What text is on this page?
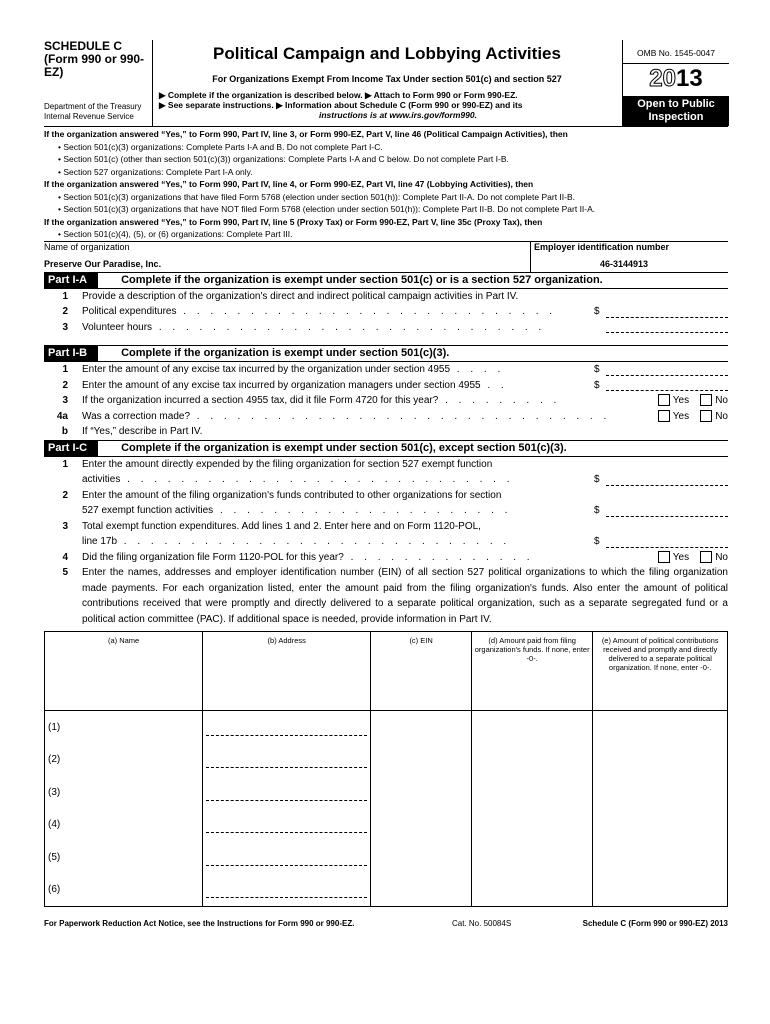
SCHEDULE C
(Form 990 or 990-EZ)
Department of the Treasury
Internal Revenue Service
Political Campaign and Lobbying Activities
For Organizations Exempt From Income Tax Under section 501(c) and section 527
▶ Complete if the organization is described below. ▶ Attach to Form 990 or Form 990-EZ.
▶ See separate instructions. ▶ Information about Schedule C (Form 990 or 990-EZ) and its
instructions is at www.irs.gov/form990.
OMB No. 1545-0047
2013
Open to Public
Inspection
If the organization answered “Yes,” to Form 990, Part IV, line 3, or Form 990-EZ, Part V, line 46 (Political Campaign Activities), then
• Section 501(c)(3) organizations: Complete Parts I-A and B. Do not complete Part I-C.
• Section 501(c) (other than section 501(c)(3)) organizations: Complete Parts I-A and C below. Do not complete Part I-B.
• Section 527 organizations: Complete Part I-A only.
If the organization answered “Yes,” to Form 990, Part IV, line 4, or Form 990-EZ, Part VI, line 47 (Lobbying Activities), then
• Section 501(c)(3) organizations that have filed Form 5768 (election under section 501(h)): Complete Part II-A. Do not complete Part II-B.
• Section 501(c)(3) organizations that have NOT filed Form 5768 (election under section 501(h)): Complete Part II-B. Do not complete Part II-A.
If the organization answered “Yes,” to Form 990, Part IV, line 5 (Proxy Tax) or Form 990-EZ, Part V, line 35c (Proxy Tax), then
• Section 501(c)(4), (5), or (6) organizations: Complete Part III.
Name of organization
Preserve Our Paradise, Inc.
Employer identification number
46-3144913
Part I-A	Complete if the organization is exempt under section 501(c) or is a section 527 organization.
1 Provide a description of the organization's direct and indirect political campaign activities in Part IV.
2 Political expenditures . . . . . . . . . . . . . . . . . . . . . . . . . . . .	$
3 Volunteer hours . . . . . . . . . . . . . . . . . . . . . . . . . . . . .
Part I-B	Complete if the organization is exempt under section 501(c)(3).
1 Enter the amount of any excise tax incurred by the organization under section 4955 . . . .	$
2 Enter the amount of any excise tax incurred by organization managers under section 4955 . .	$
3 If the organization incurred a section 4955 tax, did it file Form 4720 for this year? . . . . . . . . .	Yes	No
4a Was a correction made? . . . . . . . . . . . . . . . . . . . . . . . . . . . . . . .	Yes	No
b If “Yes,” describe in Part IV.
Part I-C	Complete if the organization is exempt under section 501(c), except section 501(c)(3).
1 Enter the amount directly expended by the filing organization for section 527 exempt function
activities . . . . . . . . . . . . . . . . . . . . . . . . . . . . .	$
2 Enter the amount of the filing organization's funds contributed to other organizations for section
527 exempt function activities . . . . . . . . . . . . . . . . . . . . . .	$
3 Total exempt function expenditures. Add lines 1 and 2. Enter here and on Form 1120-POL,
line 17b . . . . . . . . . . . . . . . . . . . . . . . . . . . . .	$
4 Did the filing organization file Form 1120-POL for this year? . . . . . . . . . . . . . .	Yes	No
5 Enter the names, addresses and employer identification number (EIN) of all section 527 political organizations to which the filing organization made payments. For each organization listed, enter the amount paid from the filing organization's funds. Also enter the amount of political contributions received that were promptly and directly delivered to a separate political organization, such as a separate segregated fund or a political action committee (PAC). If additional space is needed, provide information in Part IV.
(a) Name	(b) Address	(c) EIN	(d) Amount paid from filing organization's funds. If none, enter -0-.	(e) Amount of political contributions received and promptly and directly delivered to a separate political organization. If none, enter -0-.
(1)	

(2)	

(3)	

(4)	

(5)	

(6)	

For Paperwork Reduction Act Notice, see the Instructions for Form 990 or 990-EZ.	Cat. No. 50084S	Schedule C (Form 990 or 990-EZ) 2013
